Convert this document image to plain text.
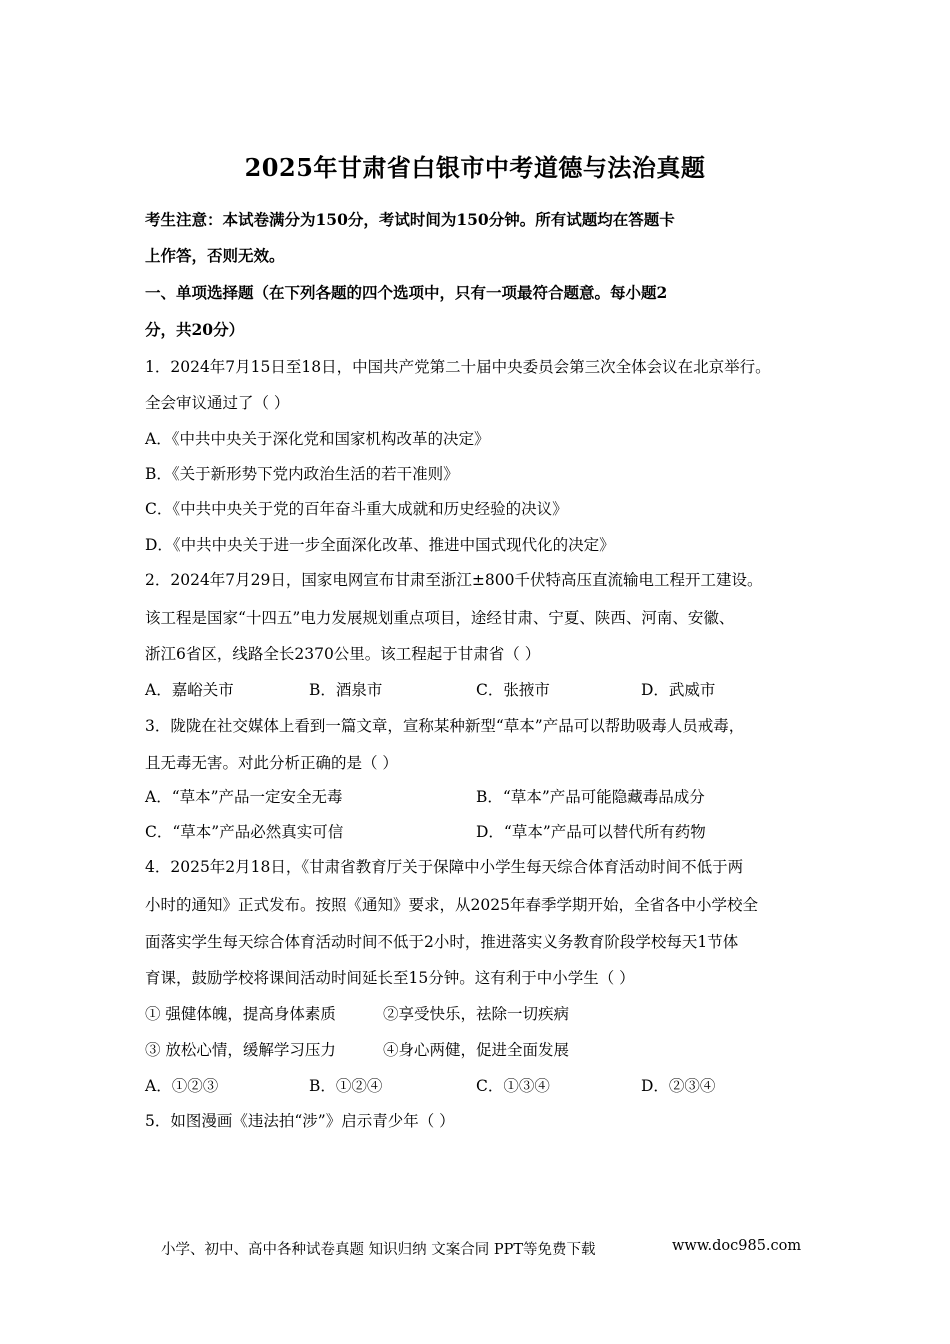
2025年甘肃省白银市中考道德与法治真题
考生注意：本试卷满分为150分，考试时间为150分钟。所有试题均在答题卡
上作答，否则无效。
一、单项选择题（在下列各题的四个选项中，只有一项最符合题意。每小题2
分，共20分）
1．2024年7月15日至18日，中国共产党第二十届中央委员会第三次全体会议在北京举行。
全会审议通过了（ ）
A．《中共中央关于深化党和国家机构改革的决定》
B．《关于新形势下党内政治生活的若干准则》
C．《中共中央关于党的百年奋斗重大成就和历史经验的决议》
D．《中共中央关于进一步全面深化改革、推进中国式现代化的决定》
2．2024年7月29日，国家电网宣布甘肃至浙江±800千伏特高压直流输电工程开工建设。
该工程是国家“十四五”电力发展规划重点项目，途经甘肃、宁夏、陕西、河南、安徽、
浙江6省区，线路全长2370公里。该工程起于甘肃省（ ）
A．嘉峪关市	B．酒泉市	C．张掖市	D．武威市
3．陇陇在社交媒体上看到一篇文章，宣称某种新型“草本”产品可以帮助吸毒人员戒毒，
且无毒无害。对此分析正确的是（ ）
A．“草本”产品一定安全无毒	B．“草本”产品可能隐藏毒品成分
C．“草本”产品必然真实可信	D．“草本”产品可以替代所有药物
4．2025年2月18日，《甘肃省教育厅关于保障中小学生每天综合体育活动时间不低于两
小时的通知》正式发布。按照《通知》要求，从2025年春季学期开始，全省各中小学校全
面落实学生每天综合体育活动时间不低于2小时，推进落实义务教育阶段学校每天1节体
育课，鼓励学校将课间活动时间延长至15分钟。这有利于中小学生（ ）
① 强健体魄，提高身体素质	②享受快乐，祛除一切疾病
③ 放松心情，缓解学习压力	④身心两健，促进全面发展
A．①②③	B．①②④	C．①③④	D．②③④
5．如图漫画《违法拍“涉”》启示青少年（ ）
小学、初中、高中各种试卷真题 知识归纳 文案合同 PPT等免费下载	www.doc985.com
